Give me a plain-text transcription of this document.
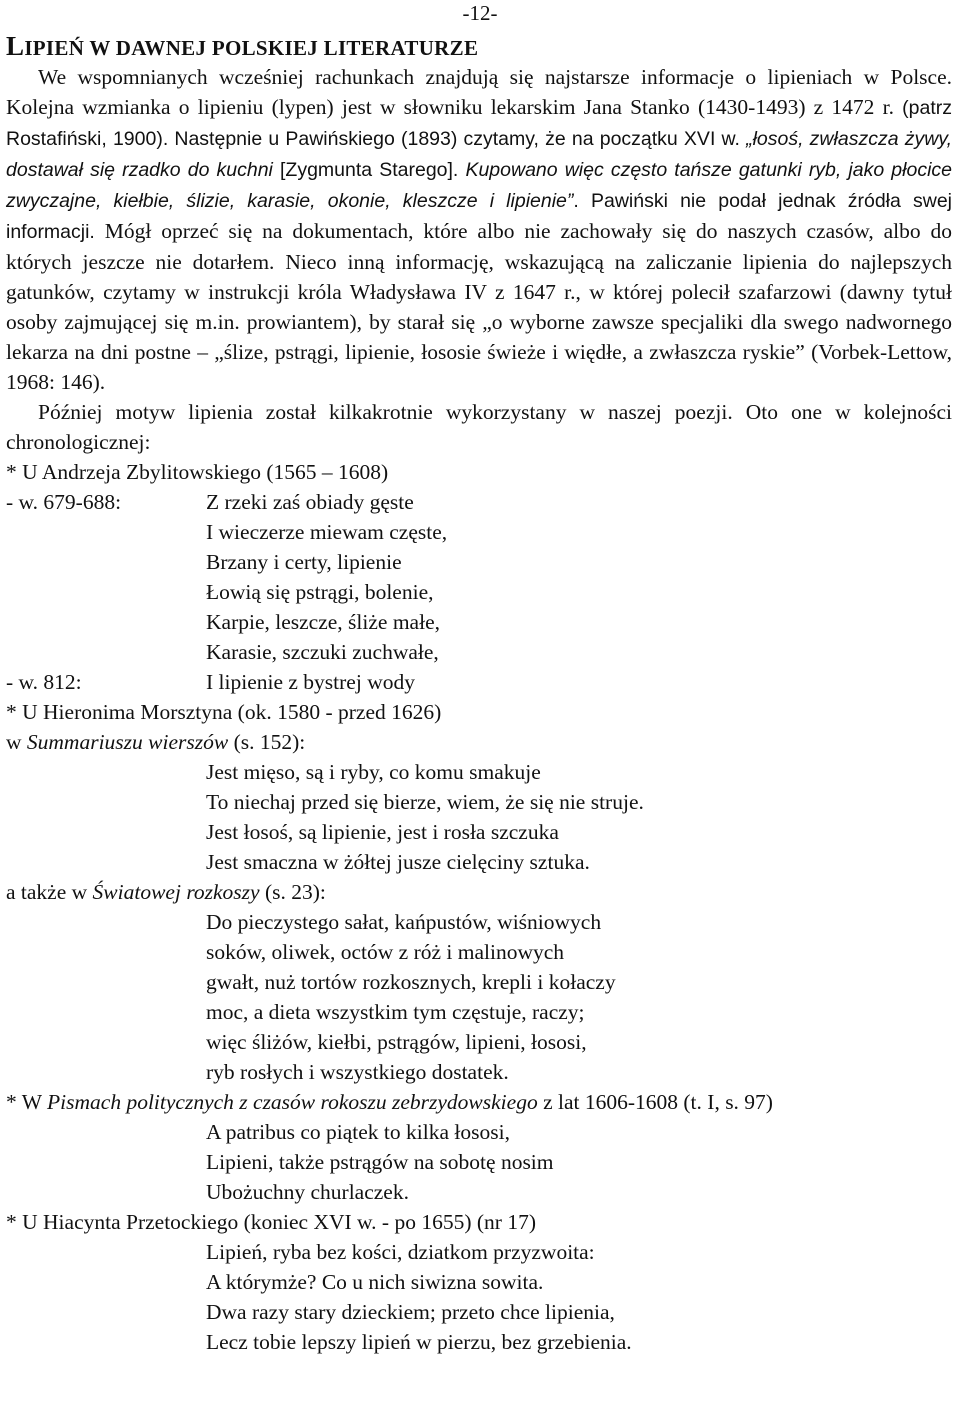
-12-
LIPIEŃ W DAWNEJ POLSKIEJ LITERATURZE

We wspomnianych wcześniej rachunkach znajdują się najstarsze informacje o lipieniach w Polsce. Kolejna wzmianka o lipieniu (lypen) jest w słowniku lekarskim Jana Stanko (1430-1493) z 1472 r. (patrz Rostafiński, 1900). Następnie u Pawińskiego (1893) czytamy, że na początku XVI w. „łosoś, zwłaszcza żywy, dostawał się rzadko do kuchni [Zygmunta Starego]. Kupowano więc często tańsze gatunki ryb, jako płocice zwyczajne, kiełbie, ślizie, karasie, okonie, kleszcze i lipienie”. Pawiński nie podał jednak źródła swej informacji. Mógł oprzeć się na dokumentach, które albo nie zachowały się do naszych czasów, albo do których jeszcze nie dotarłem. Nieco inną informację, wskazującą na zaliczanie lipienia do najlepszych gatunków, czytamy w instrukcji króla Władysława IV z 1647 r., w której polecił szafarzowi (dawny tytuł osoby zajmującej się m.in. prowiantem), by starał się „o wyborne zawsze specjaliki dla swego nadwornego lekarza na dni postne – „ślize, pstrągi, lipienie, łososie świeże i więdłe, a zwłaszcza ryskie” (Vorbek-Lettow, 1968: 146).

Później motyw lipienia został kilkakrotnie wykorzystany w naszej poezji. Oto one w kolejności chronologicznej:

* U Andrzeja Zbylitowskiego (1565 – 1608)
- w. 679-688:	Z rzeki zaś obiady gęste
I wieczerze miewam częste,
Brzany i certy, lipienie
Łowią się pstrągi, bolenie,
Karpie, leszcze, śliże małe,
Karasie, szczuki zuchwałe,
- w. 812:	I lipienie z bystrej wody
* U Hieronima Morsztyna (ok. 1580 - przed 1626)
w Summariuszu wierszów (s. 152):
Jest mięso, są i ryby, co komu smakuje
To niechaj przed się bierze, wiem, że się nie struje.
Jest łosoś, są lipienie, jest i rosła szczuka
Jest smaczna w żółtej jusze cielęciny sztuka.
a także w Światowej rozkoszy (s. 23):
Do pieczystego sałat, kańpustów, wiśniowych
soków, oliwek, octów z róż i malinowych
gwałt, nuż tortów rozkosznych, krepli i kołaczy
moc, a dieta wszystkim tym częstuje, raczy;
więc śliżów, kiełbi, pstrągów, lipieni, łososi,
ryb rosłych i wszystkiego dostatek.
* W Pismach politycznych z czasów rokoszu zebrzydowskiego z lat 1606-1608 (t. I, s. 97)
A patribus co piątek to kilka łososi,
Lipieni, także pstrągów na sobotę nosim
Ubożuchny churlaczek.
* U Hiacynta Przetockiego (koniec XVI w. - po 1655) (nr 17)
Lipień, ryba bez kości, dziatkom przyzwoita:
A którymże? Co u nich siwizna sowita.
Dwa razy stary dzieckiem; przeto chce lipienia,
Lecz tobie lepszy lipień w pierzu, bez grzebienia.
